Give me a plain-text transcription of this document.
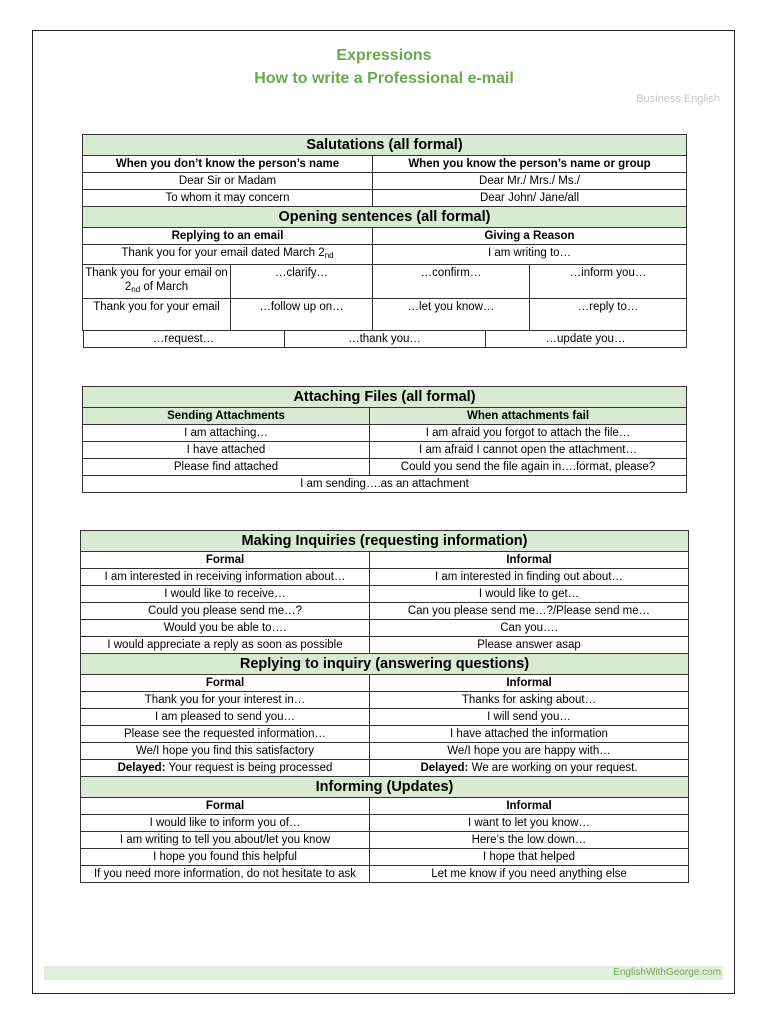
Expressions
How to write a Professional e-mail
Business English
Salutations (all formal)
When you don’t know the person’s name	When you know the person’s name or group
Dear Sir or Madam	Dear Mr./ Mrs./ Ms./
To whom it may concern	Dear John/ Jane/all
Opening sentences (all formal)
Replying to an email	Giving a Reason
Thank you for your email dated March $2_{nd}$	I am writing to…
Thank you for your email on $2_{nd}$ of March	…clarify…	…confirm…	…inform you…
Thank you for your email	…follow up on…	…let you know…	…reply to…

…request…	…thank you…	…update you…
Attaching Files (all formal)	
Sending Attachments	When attachments fail
I am attaching…	I am afraid you forgot to attach the file…
I have attached	I am afraid I cannot open the attachment…
Please find attached	Could you send the file again in….format, please?
I am sending….as an attachment	
Making Inquiries (requesting information)	
Formal	Informal
I am interested in receiving information about…	I am interested in finding out about…
I would like to receive…	I would like to get…
Could you please send me…?	Can you please send me…?/Please send me…
Would you be able to….	Can you….
I would appreciate a reply as soon as possible	Please answer asap
Replying to inquiry (answering questions)	
Formal	Informal
Thank you for your interest in…	Thanks for asking about…
I am pleased to send you…	I will send you…
Please see the requested information…	I have attached the information
We/I hope you find this satisfactory	We/I hope you are happy with…
Delayed: Your request is being processed	Delayed: We are working on your request.
Informing (Updates)	
Formal	Informal
I would like to inform you of…	I want to let you know…
I am writing to tell you about/let you know	Here’s the low down…
I hope you found this helpful	I hope that helped
If you need more information, do not hesitate to ask	Let me know if you need anything else
EnglishWithGeorge.com
